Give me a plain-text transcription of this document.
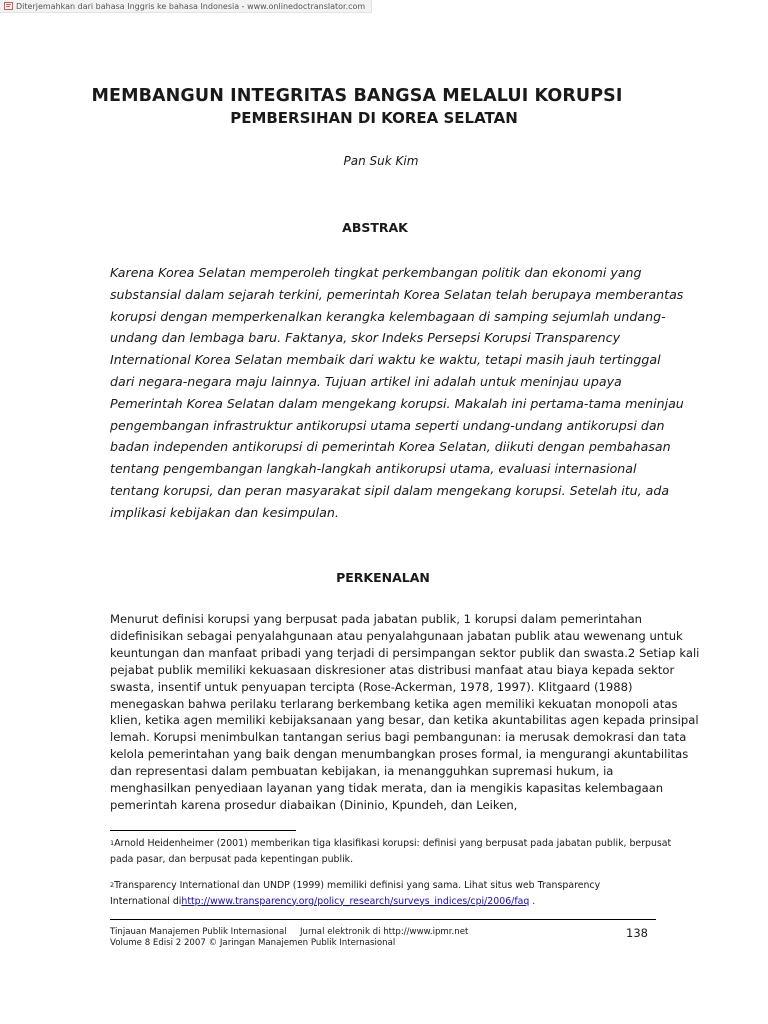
Diterjemahkan dari bahasa Inggris ke bahasa Indonesia - www.onlinedoctranslator.com
MEMBANGUN INTEGRITAS BANGSA MELALUI KORUPSI
PEMBERSIHAN DI KOREA SELATAN
Pan Suk Kim
ABSTRAK
Karena Korea Selatan memperoleh tingkat perkembangan politik dan ekonomi yang
substansial dalam sejarah terkini, pemerintah Korea Selatan telah berupaya memberantas
korupsi dengan memperkenalkan kerangka kelembagaan di samping sejumlah undang-
undang dan lembaga baru. Faktanya, skor Indeks Persepsi Korupsi Transparency
International Korea Selatan membaik dari waktu ke waktu, tetapi masih jauh tertinggal
dari negara-negara maju lainnya. Tujuan artikel ini adalah untuk meninjau upaya
Pemerintah Korea Selatan dalam mengekang korupsi. Makalah ini pertama-tama meninjau
pengembangan infrastruktur antikorupsi utama seperti undang-undang antikorupsi dan
badan independen antikorupsi di pemerintah Korea Selatan, diikuti dengan pembahasan
tentang pengembangan langkah-langkah antikorupsi utama, evaluasi internasional
tentang korupsi, dan peran masyarakat sipil dalam mengekang korupsi. Setelah itu, ada
implikasi kebijakan dan kesimpulan.
PERKENALAN
Menurut definisi korupsi yang berpusat pada jabatan publik, 1 korupsi dalam pemerintahan
didefinisikan sebagai penyalahgunaan atau penyalahgunaan jabatan publik atau wewenang untuk
keuntungan dan manfaat pribadi yang terjadi di persimpangan sektor publik dan swasta.2 Setiap kali
pejabat publik memiliki kekuasaan diskresioner atas distribusi manfaat atau biaya kepada sektor
swasta, insentif untuk penyuapan tercipta (Rose-Ackerman, 1978, 1997). Klitgaard (1988)
menegaskan bahwa perilaku terlarang berkembang ketika agen memiliki kekuatan monopoli atas
klien, ketika agen memiliki kebijaksanaan yang besar, dan ketika akuntabilitas agen kepada prinsipal
lemah. Korupsi menimbulkan tantangan serius bagi pembangunan: ia merusak demokrasi dan tata
kelola pemerintahan yang baik dengan menumbangkan proses formal, ia mengurangi akuntabilitas
dan representasi dalam pembuatan kebijakan, ia menangguhkan supremasi hukum, ia
menghasilkan penyediaan layanan yang tidak merata, dan ia mengikis kapasitas kelembagaan
pemerintah karena prosedur diabaikan (Dininio, Kpundeh, dan Leiken,
1Arnold Heidenheimer (2001) memberikan tiga klasifikasi korupsi: definisi yang berpusat pada jabatan publik, berpusat
pada pasar, dan berpusat pada kepentingan publik.
2Transparency International dan UNDP (1999) memiliki definisi yang sama. Lihat situs web Transparency
International dihttp://www.transparency.org/policy_research/surveys_indices/cpi/2006/faq .
Tinjauan Manajemen Publik Internasional Jurnal elektronik di http://www.ipmr.net
Volume 8 Edisi 2 2007 © Jaringan Manajemen Publik Internasional
138
